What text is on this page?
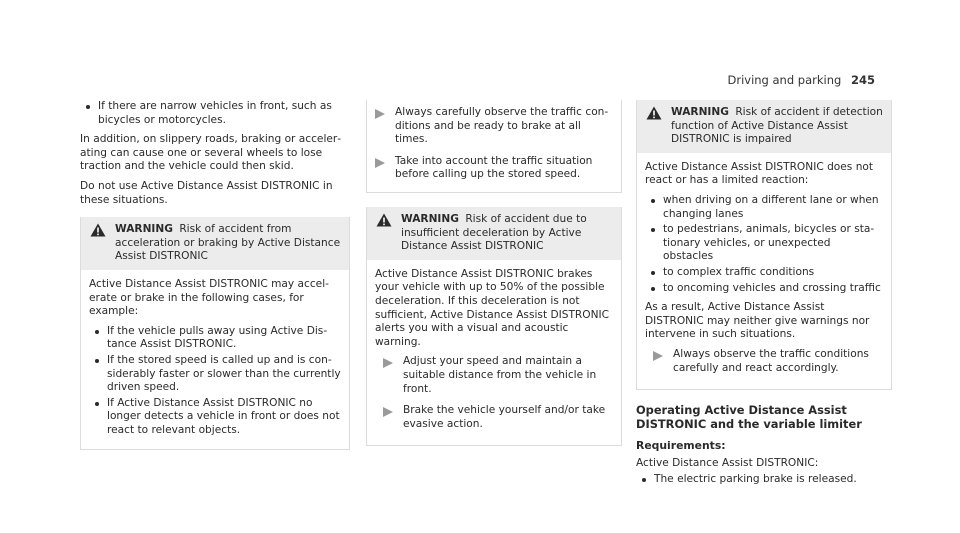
Driving and parking 245
If there are narrow vehicles in front, such as bicycles or motorcycles.

In addition, on slippery roads, braking or accelerating can cause one or several wheels to lose traction and the vehicle could then skid.

Do not use Active Distance Assist DISTRONIC in these situations.

WARNING Risk of accident from acceleration or braking by Active Distance Assist DISTRONIC

Active Distance Assist DISTRONIC may accelerate or brake in the following cases, for example:

If the vehicle pulls away using Active Distance Assist DISTRONIC.
If the stored speed is called up and is considerably faster or slower than the currently driven speed.
If Active Distance Assist DISTRONIC no longer detects a vehicle in front or does not react to relevant objects.
Always carefully observe the traffic conditions and be ready to brake at all times.
Take into account the traffic situation before calling up the stored speed.
WARNING Risk of accident due to insufficient deceleration by Active Distance Assist DISTRONIC

Active Distance Assist DISTRONIC brakes your vehicle with up to 50% of the possible deceleration. If this deceleration is not sufficient, Active Distance Assist DISTRONIC alerts you with a visual and acoustic warning.

Adjust your speed and maintain a suitable distance from the vehicle in front.
Brake the vehicle yourself and/or take evasive action.
WARNING Risk of accident if detection function of Active Distance Assist DISTRONIC is impaired

Active Distance Assist DISTRONIC does not react or has a limited reaction:

when driving on a different lane or when changing lanes
to pedestrians, animals, bicycles or stationary vehicles, or unexpected obstacles
to complex traffic conditions
to oncoming vehicles and crossing traffic

As a result, Active Distance Assist DISTRONIC may neither give warnings nor intervene in such situations.

Always observe the traffic conditions carefully and react accordingly.
Operating Active Distance Assist DISTRONIC and the variable limiter
Requirements:

Active Distance Assist DISTRONIC:

The electric parking brake is released.
